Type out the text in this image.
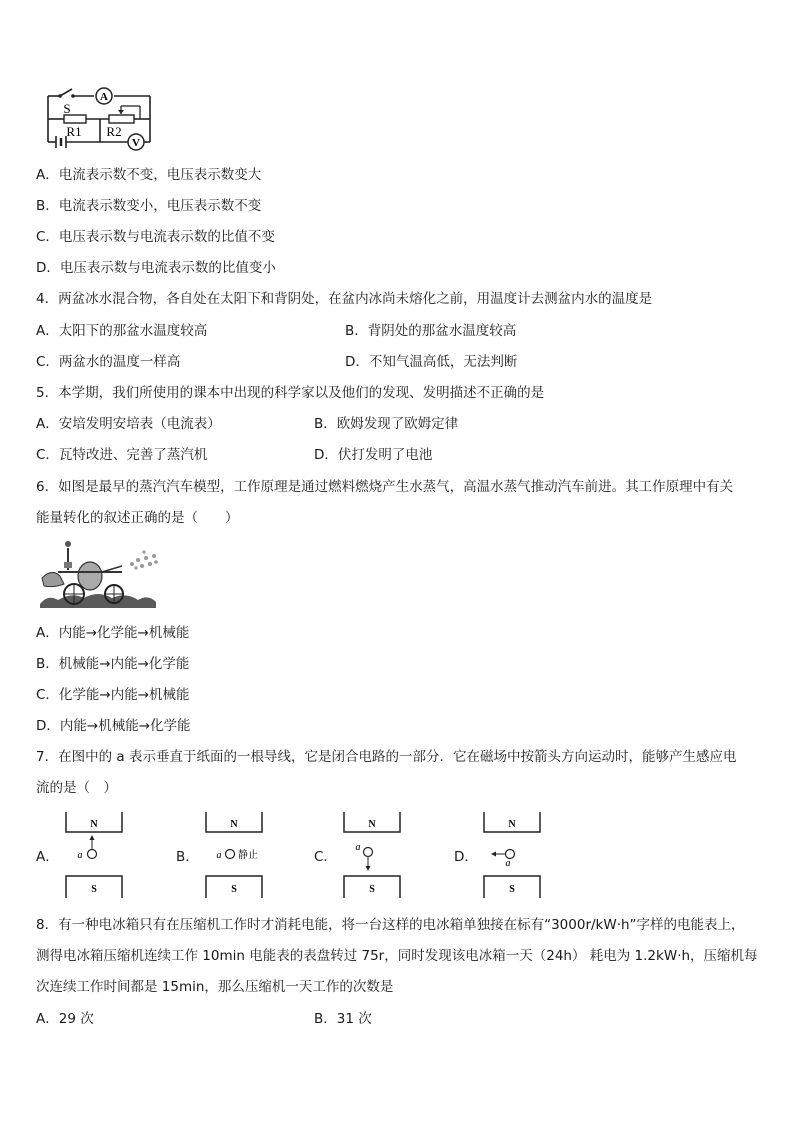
A
V
S
R1 R2
A．电流表示数不变，电压表示数变大
B．电流表示数变小，电压表示数不变
C．电压表示数与电流表示数的比值不变
D．电压表示数与电流表示数的比值变小
4．两盆冰水混合物，各自处在太阳下和背阴处，在盆内冰尚未熔化之前，用温度计去测盆内水的温度是
A．太阳下的那盆水温度较高	B．背阴处的那盆水温度较高
C．两盆水的温度一样高	D．不知气温高低，无法判断
5．本学期，我们所使用的课本中出现的科学家以及他们的发现、发明描述不正确的是
A．安培发明安培表（电流表）	B．欧姆发现了欧姆定律
C．瓦特改进、完善了蒸汽机	D．伏打发明了电池
6．如图是最早的蒸汽汽车模型，工作原理是通过燃料燃烧产生水蒸气，高温水蒸气推动汽车前进。其工作原理中有关
能量转化的叙述正确的是（　　）
A．内能→化学能→机械能
B．机械能→内能→化学能
C．化学能→内能→机械能
D．内能→机械能→化学能
7．在图中的 a 表示垂直于纸面的一根导线，它是闭合电路的一部分．它在磁场中按箭头方向运动时，能够产生感应电
流的是（　）
A．	B．	C．	D．
N
a
S
N
a 静止
S
N
a
S
N
a
S
8．有一种电冰箱只有在压缩机工作时才消耗电能，将一台这样的电冰箱单独接在标有“3000r/kW·h”字样的电能表上，
测得电冰箱压缩机连续工作 10min 电能表的表盘转过 75r，同时发现该电冰箱一天（24h） 耗电为 1.2kW·h，压缩机每
次连续工作时间都是 15min，那么压缩机一天工作的次数是
A．29 次	B．31 次
